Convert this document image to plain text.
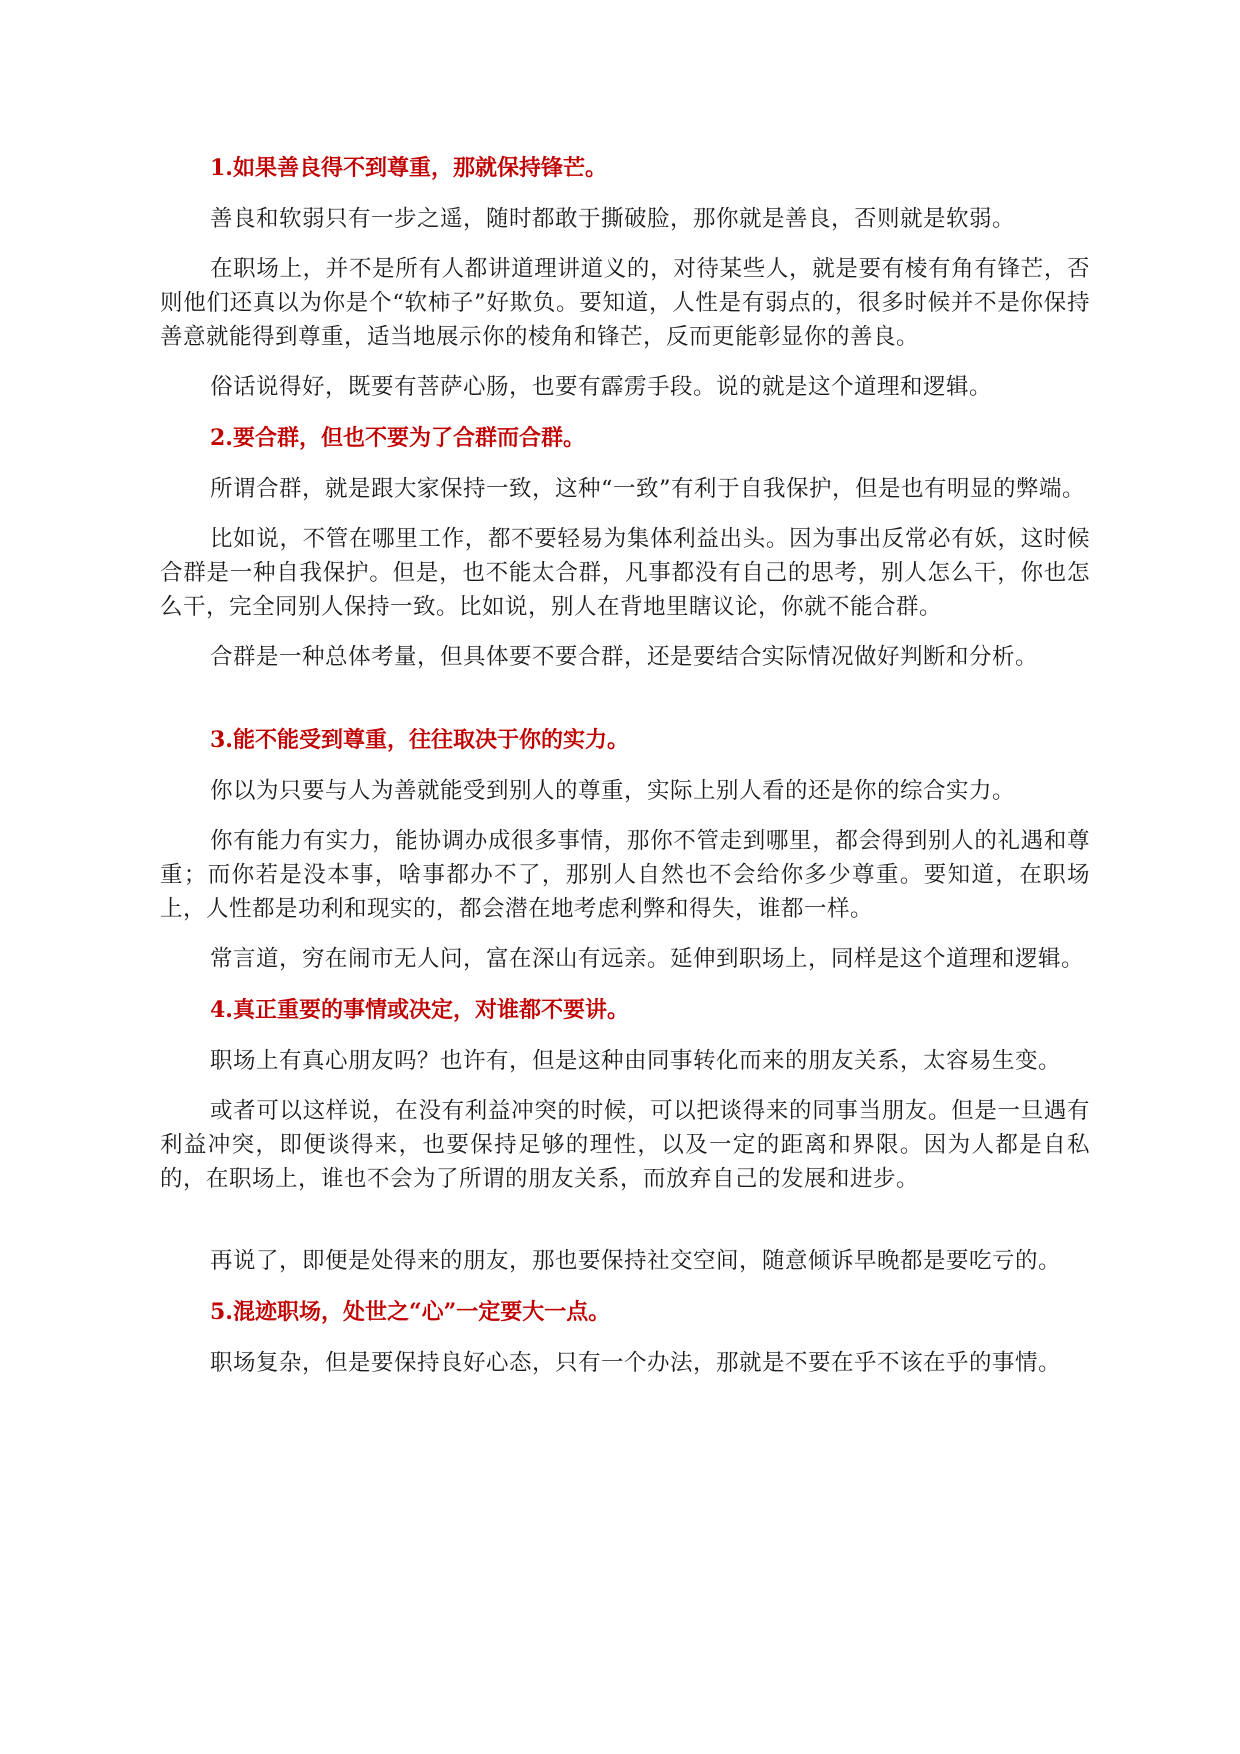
1.如果善良得不到尊重，那就保持锋芒。

善良和软弱只有一步之遥，随时都敢于撕破脸，那你就是善良，否则就是软弱。

在职场上，并不是所有人都讲道理讲道义的，对待某些人，就是要有棱有角有锋芒，否则他们还真以为你是个“软柿子”好欺负。要知道，人性是有弱点的，很多时候并不是你保持善意就能得到尊重，适当地展示你的棱角和锋芒，反而更能彰显你的善良。

俗话说得好，既要有菩萨心肠，也要有霹雳手段。说的就是这个道理和逻辑。

2.要合群，但也不要为了合群而合群。

所谓合群，就是跟大家保持一致，这种“一致”有利于自我保护，但是也有明显的弊端。

比如说，不管在哪里工作，都不要轻易为集体利益出头。因为事出反常必有妖，这时候合群是一种自我保护。但是，也不能太合群，凡事都没有自己的思考，别人怎么干，你也怎么干，完全同别人保持一致。比如说，别人在背地里瞎议论，你就不能合群。

合群是一种总体考量，但具体要不要合群，还是要结合实际情况做好判断和分析。

3.能不能受到尊重，往往取决于你的实力。

你以为只要与人为善就能受到别人的尊重，实际上别人看的还是你的综合实力。

你有能力有实力，能协调办成很多事情，那你不管走到哪里，都会得到别人的礼遇和尊重；而你若是没本事，啥事都办不了，那别人自然也不会给你多少尊重。要知道，在职场上，人性都是功利和现实的，都会潜在地考虑利弊和得失，谁都一样。

常言道，穷在闹市无人问，富在深山有远亲。延伸到职场上，同样是这个道理和逻辑。

4.真正重要的事情或决定，对谁都不要讲。

职场上有真心朋友吗？也许有，但是这种由同事转化而来的朋友关系，太容易生变。

或者可以这样说，在没有利益冲突的时候，可以把谈得来的同事当朋友。但是一旦遇有利益冲突，即便谈得来，也要保持足够的理性，以及一定的距离和界限。因为人都是自私的，在职场上，谁也不会为了所谓的朋友关系，而放弃自己的发展和进步。

再说了，即便是处得来的朋友，那也要保持社交空间，随意倾诉早晚都是要吃亏的。

5.混迹职场，处世之“心”一定要大一点。

职场复杂，但是要保持良好心态，只有一个办法，那就是不要在乎不该在乎的事情。
